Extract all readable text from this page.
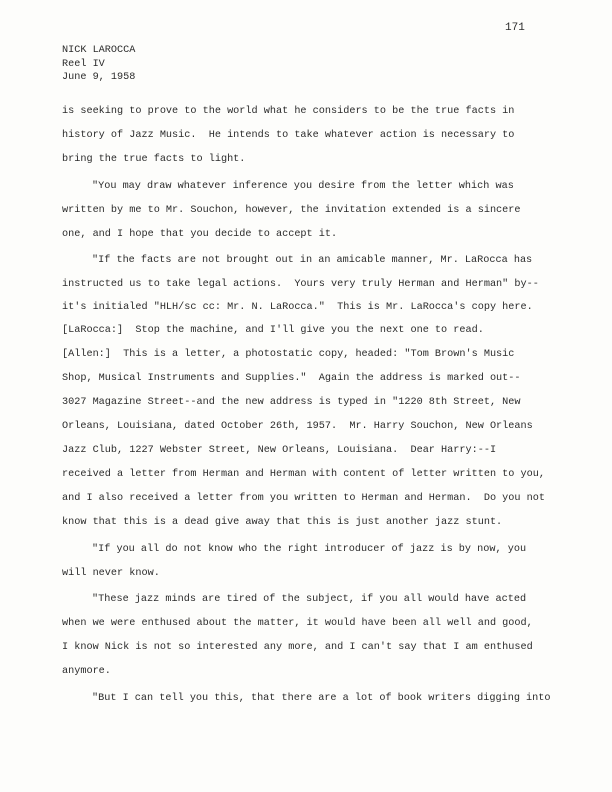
171
NICK LAROCCA
Reel IV
June 9, 1958
is seeking to prove to the world what he considers to be the true facts in
history of Jazz Music.  He intends to take whatever action is necessary to
bring the true facts to light.
"You may draw whatever inference you desire from the letter which was
written by me to Mr. Souchon, however, the invitation extended is a sincere
one, and I hope that you decide to accept it.
"If the facts are not brought out in an amicable manner, Mr. LaRocca has
instructed us to take legal actions.  Yours very truly Herman and Herman" by--
it's initialed "HLH/sc cc: Mr. N. LaRocca."  This is Mr. LaRocca's copy here.
[LaRocca:]  Stop the machine, and I'll give you the next one to read.
[Allen:]  This is a letter, a photostatic copy, headed: "Tom Brown's Music
Shop, Musical Instruments and Supplies."  Again the address is marked out--
3027 Magazine Street--and the new address is typed in "1220 8th Street, New
Orleans, Louisiana, dated October 26th, 1957.  Mr. Harry Souchon, New Orleans
Jazz Club, 1227 Webster Street, New Orleans, Louisiana.  Dear Harry:--I
received a letter from Herman and Herman with content of letter written to you,
and I also received a letter from you written to Herman and Herman.  Do you not
know that this is a dead give away that this is just another jazz stunt.
"If you all do not know who the right introducer of jazz is by now, you
will never know.
"These jazz minds are tired of the subject, if you all would have acted
when we were enthused about the matter, it would have been all well and good,
I know Nick is not so interested any more, and I can't say that I am enthused
anymore.
"But I can tell you this, that there are a lot of book writers digging into
